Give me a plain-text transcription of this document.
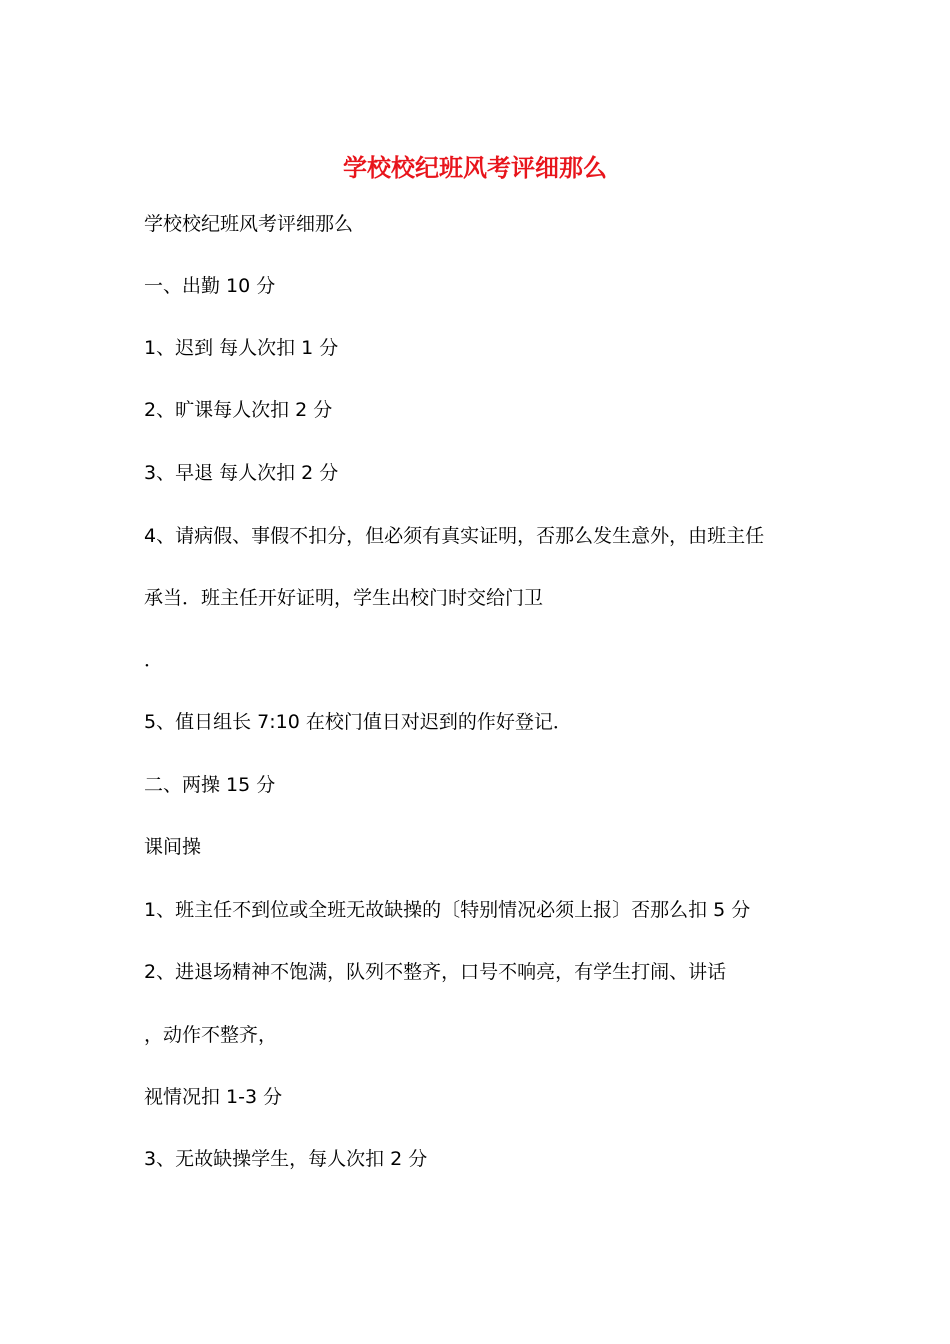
学校校纪班风考评细那么

学校校纪班风考评细那么

一、出勤 10 分

1、迟到 每人次扣 1 分

2、旷课每人次扣 2 分

3、早退 每人次扣 2 分

4、请病假、事假不扣分，但必须有真实证明，否那么发生意外，由班主任

承当．班主任开好证明，学生出校门时交给门卫

．

5、值日组长 7:10 在校门值日对迟到的作好登记．

二、两操 15 分

课间操

1、班主任不到位或全班无故缺操的〔特别情况必须上报〕否那么扣 5 分

2、进退场精神不饱满，队列不整齐，口号不响亮，有学生打闹、讲话

，动作不整齐，

视情况扣 1-3 分

3、无故缺操学生，每人次扣 2 分
